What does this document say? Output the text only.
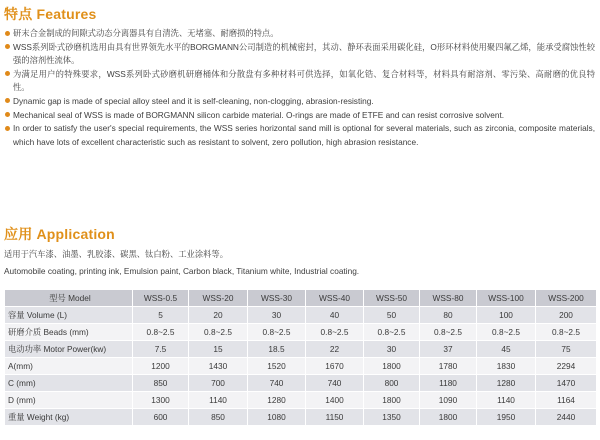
特点 Features
研末合金制成的间隙式动态分离器具有自清洗、无堵塞、耐磨损的特点。
WSS系列卧式砂磨机选用由具有世界领先水平的BORGMANN公司制造的机械密封，其动、静环表面采用碳化硅，O形环材料使用聚四氟乙烯，能承受腐蚀性较强的溶剂性流体。
为满足用户的特殊要求，WSS系列卧式砂磨机研磨桶体和分散盘有多种材料可供选择，如氧化锆、复合材料等，材料具有耐溶剂、零污染、高耐磨的优良特性。
Dynamic gap is made of special alloy steel and it is self-cleaning, non-clogging, abrasion-resisting.
Mechanical seal of WSS is made of BORGMANN silicon carbide material. O-rings are made of ETFE and can resist corrosive solvent.
In order to satisfy the user's special requirements, the WSS series horizontal sand mill is optional for several materials, such as zirconia, composite materials, which have lots of excellent characteristic such as resistant to solvent, zero pollution, high abrasion resistance.
应用 Application
适用于汽车漆、油墨、乳胶漆、碳黑、钛白粉、工业涂料等。
Automobile coating, printing ink, Emulsion paint, Carbon black, Titanium white, Industrial coating.
型号 Model	WSS-0.5	WSS-20	WSS-30	WSS-40	WSS-50	WSS-80	WSS-100	WSS-200
容量 Volume (L)	5	20	30	40	50	80	100	200
研磨介质 Beads (mm)	0.8~2.5	0.8~2.5	0.8~2.5	0.8~2.5	0.8~2.5	0.8~2.5	0.8~2.5	0.8~2.5
电动功率 Motor Power(kw)	7.5	15	18.5	22	30	37	45	75
A(mm)	1200	1430	1520	1670	1800	1780	1830	2294
C (mm)	850	700	740	740	800	1180	1280	1470
D (mm)	1300	1140	1280	1400	1800	1090	1140	1164
重量 Weight (kg)	600	850	1080	1150	1350	1800	1950	2440
